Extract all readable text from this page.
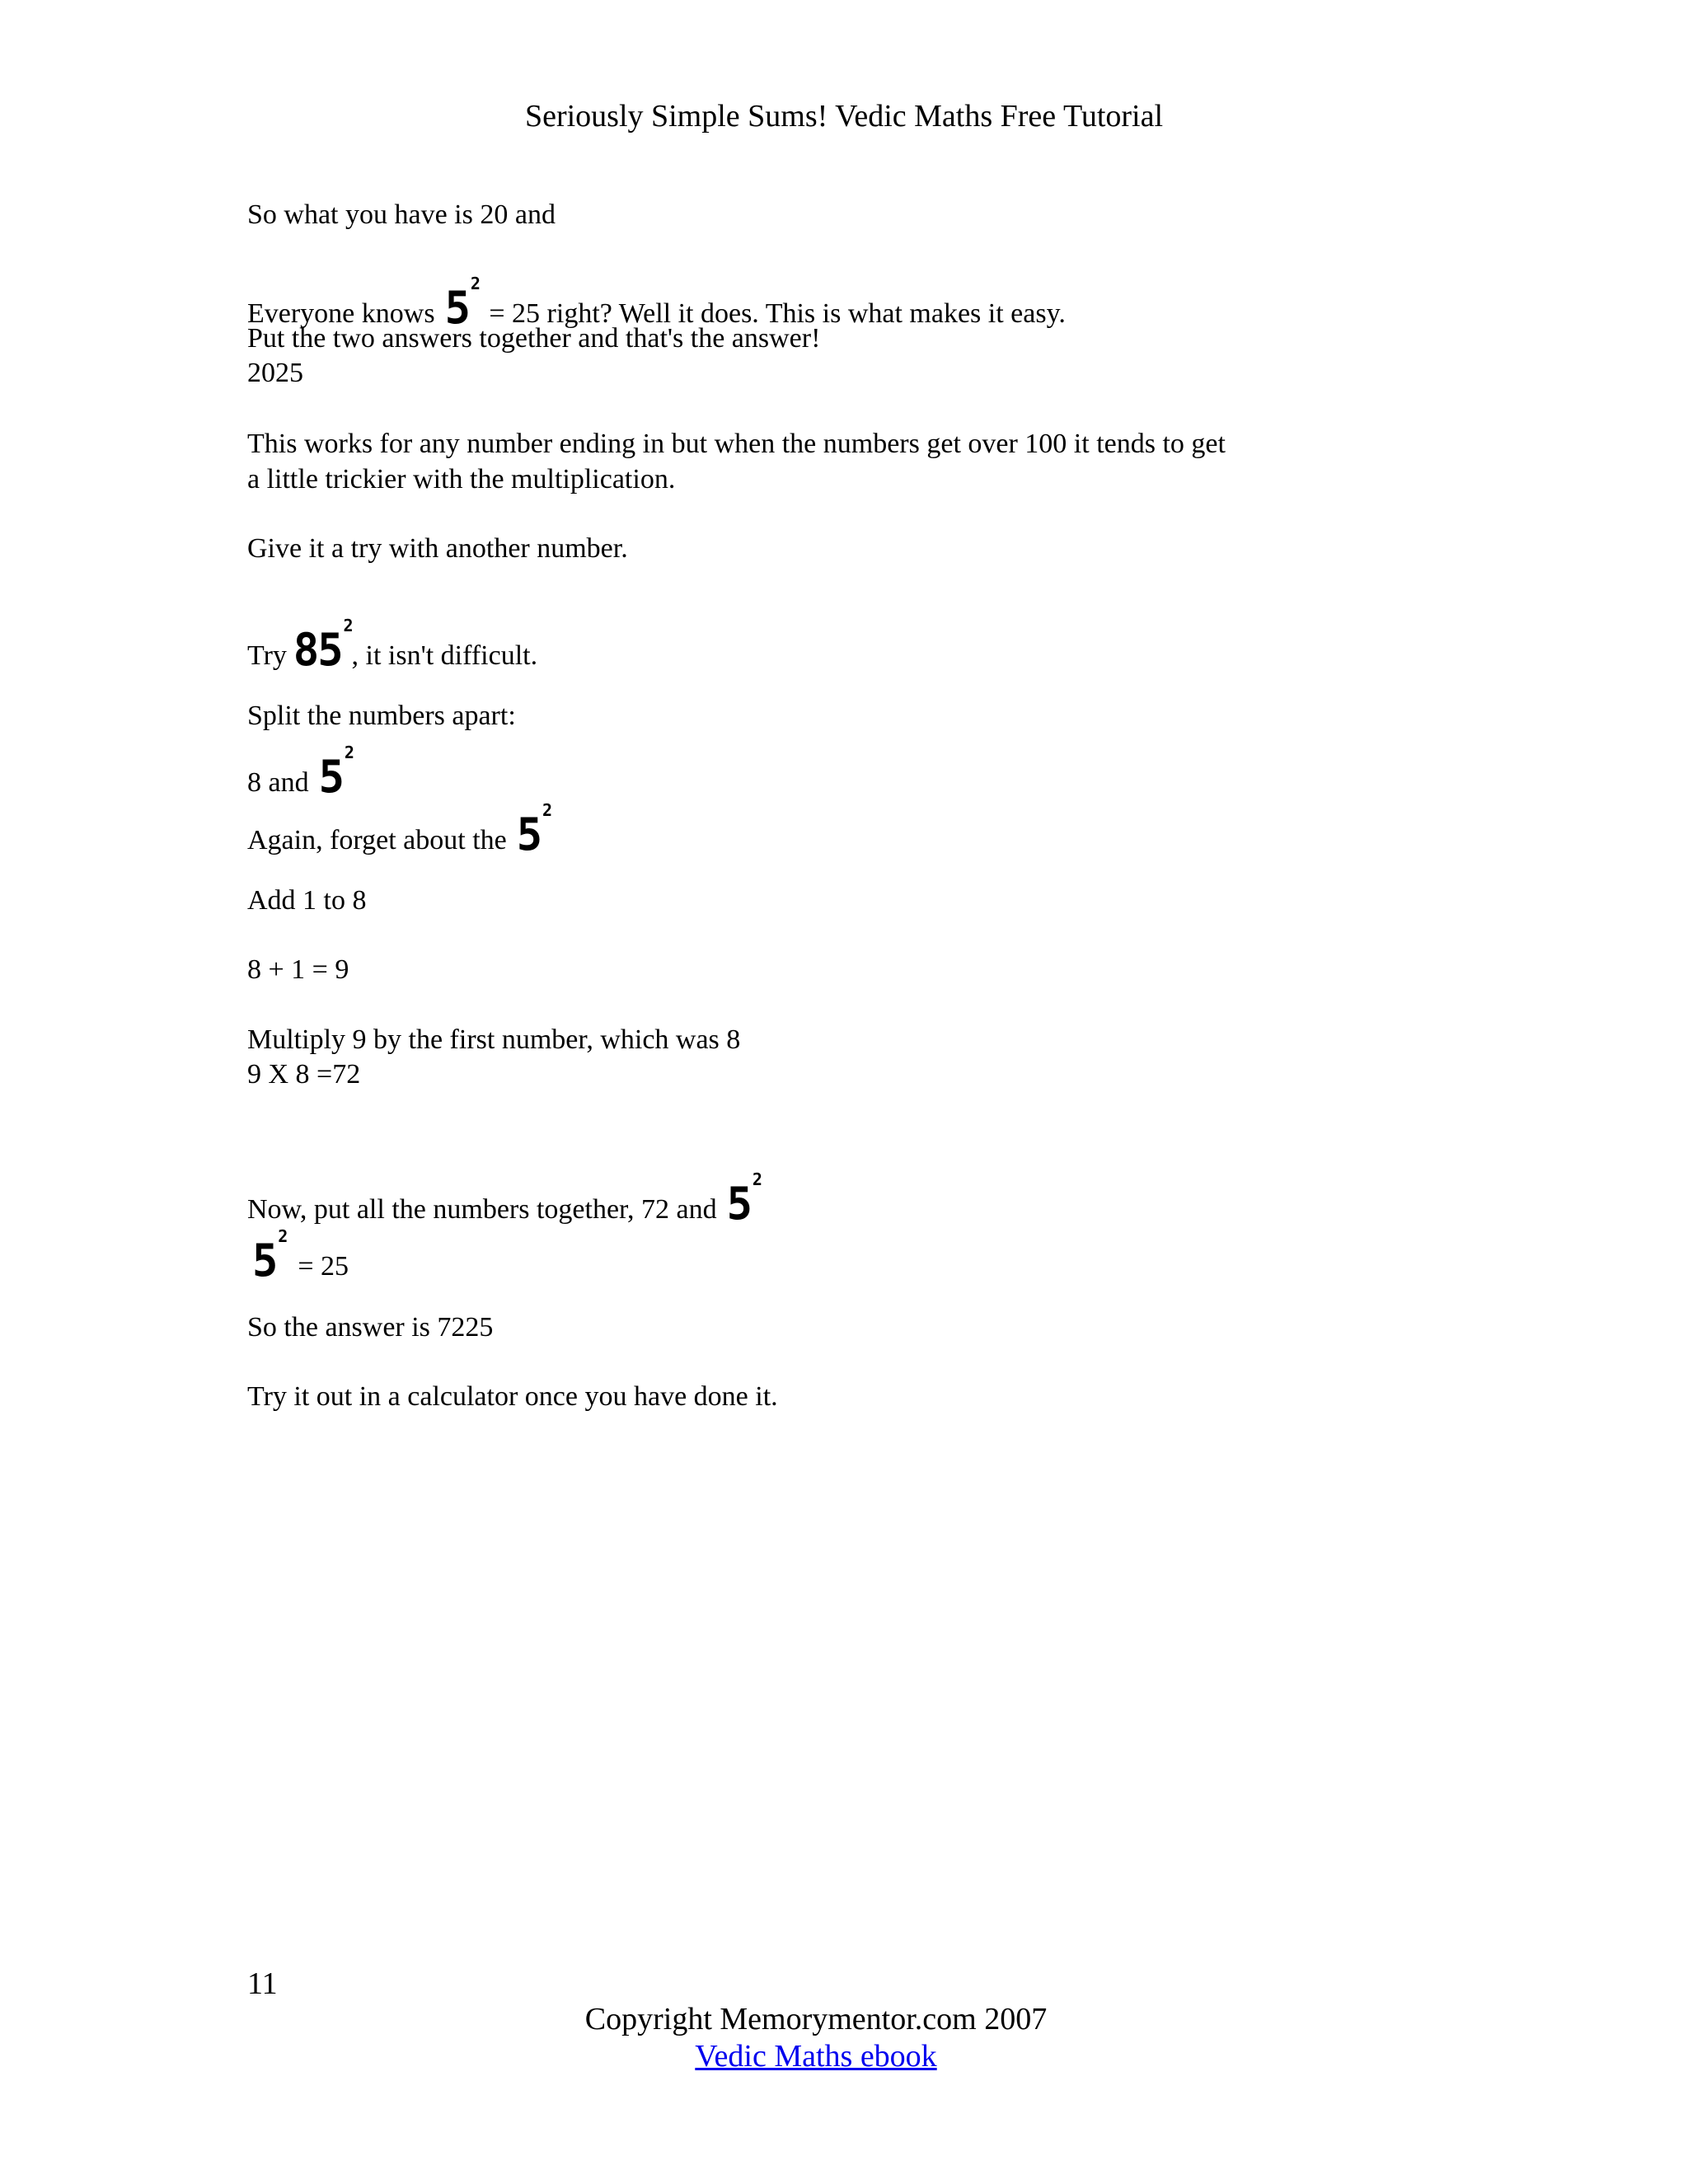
Seriously Simple Sums! Vedic Maths Free Tutorial
So what you have is 20 and
Everyone knows 5 2
= 25 right? Well it does. This is what makes it easy.
Put the two answers together and that's the answer!
2025
This works for any number ending in but when the numbers get over 100 it tends to get
a little trickier with the multiplication.
Give it a try with another number.
Try 85 2
, it isn't difficult.
Split the numbers apart:
8 and 5 2
Again, forget about the 5 2
Add 1 to 8
8 + 1 = 9
Multiply 9 by the first number, which was 8
9 X 8 =72
Now, put all the numbers together, 72 and 5 2
5 2
= 25
So the answer is 7225
Try it out in a calculator once you have done it.
11
Copyright Memorymentor.com 2007
Vedic Maths ebook
